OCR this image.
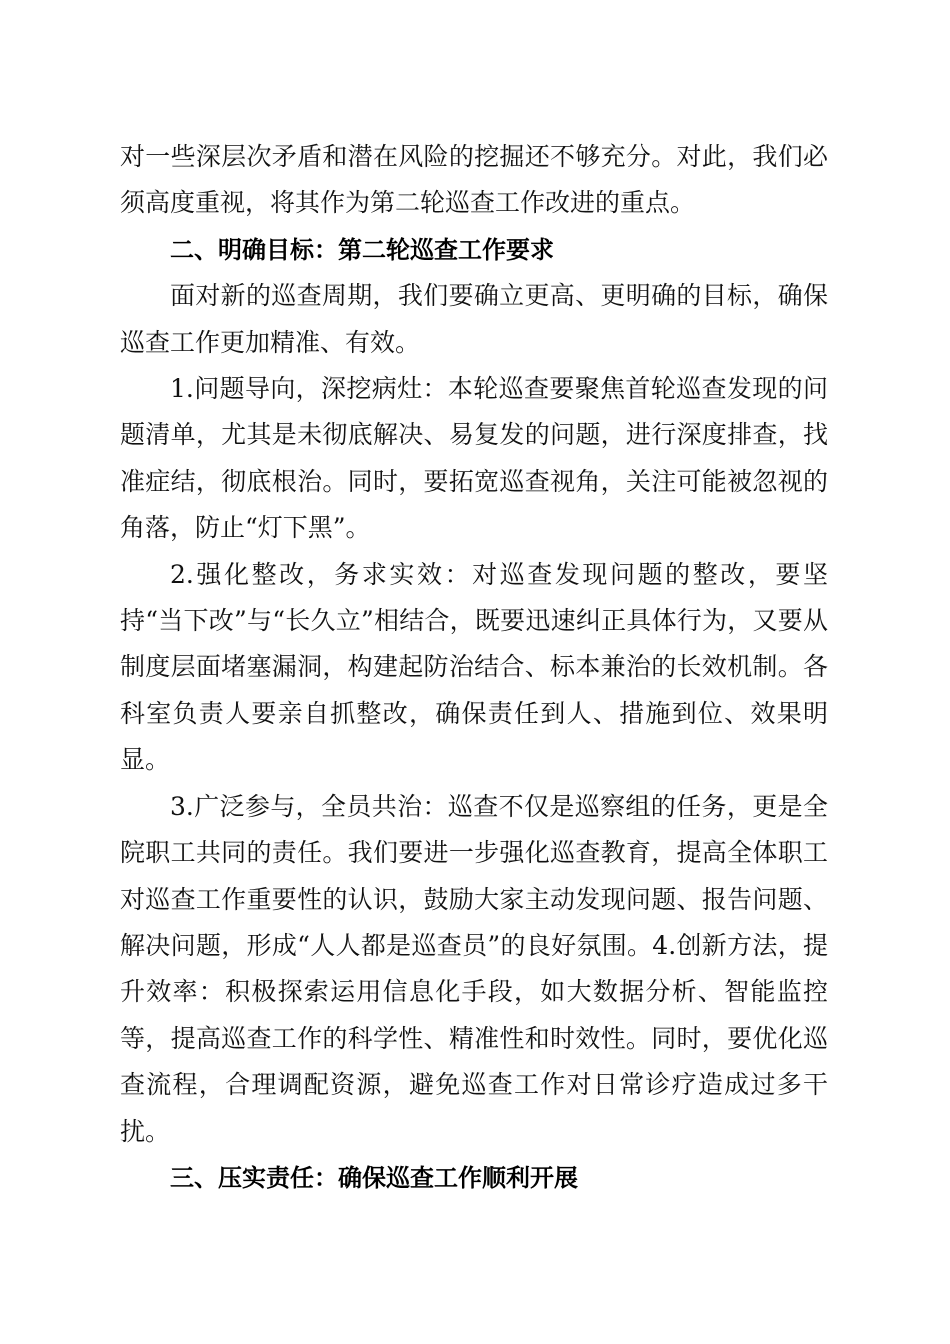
对一些深层次矛盾和潜在风险的挖掘还不够充分。对此，我们必须高度重视，将其作为第二轮巡查工作改进的重点。

二、明确目标：第二轮巡查工作要求

面对新的巡查周期，我们要确立更高、更明确的目标，确保巡查工作更加精准、有效。

1.问题导向，深挖病灶：本轮巡查要聚焦首轮巡查发现的问题清单，尤其是未彻底解决、易复发的问题，进行深度排查，找准症结，彻底根治。同时，要拓宽巡查视角，关注可能被忽视的角落，防止“灯下黑”。

2.强化整改，务求实效：对巡查发现问题的整改，要坚持“当下改”与“长久立”相结合，既要迅速纠正具体行为，又要从制度层面堵塞漏洞，构建起防治结合、标本兼治的长效机制。各科室负责人要亲自抓整改，确保责任到人、措施到位、效果明显。

3.广泛参与，全员共治：巡查不仅是巡察组的任务，更是全院职工共同的责任。我们要进一步强化巡查教育，提高全体职工对巡查工作重要性的认识，鼓励大家主动发现问题、报告问题、解决问题，形成“人人都是巡查员”的良好氛围。4.创新方法，提升效率：积极探索运用信息化手段，如大数据分析、智能监控等，提高巡查工作的科学性、精准性和时效性。同时，要优化巡查流程，合理调配资源，避免巡查工作对日常诊疗造成过多干扰。

三、压实责任：确保巡查工作顺利开展
